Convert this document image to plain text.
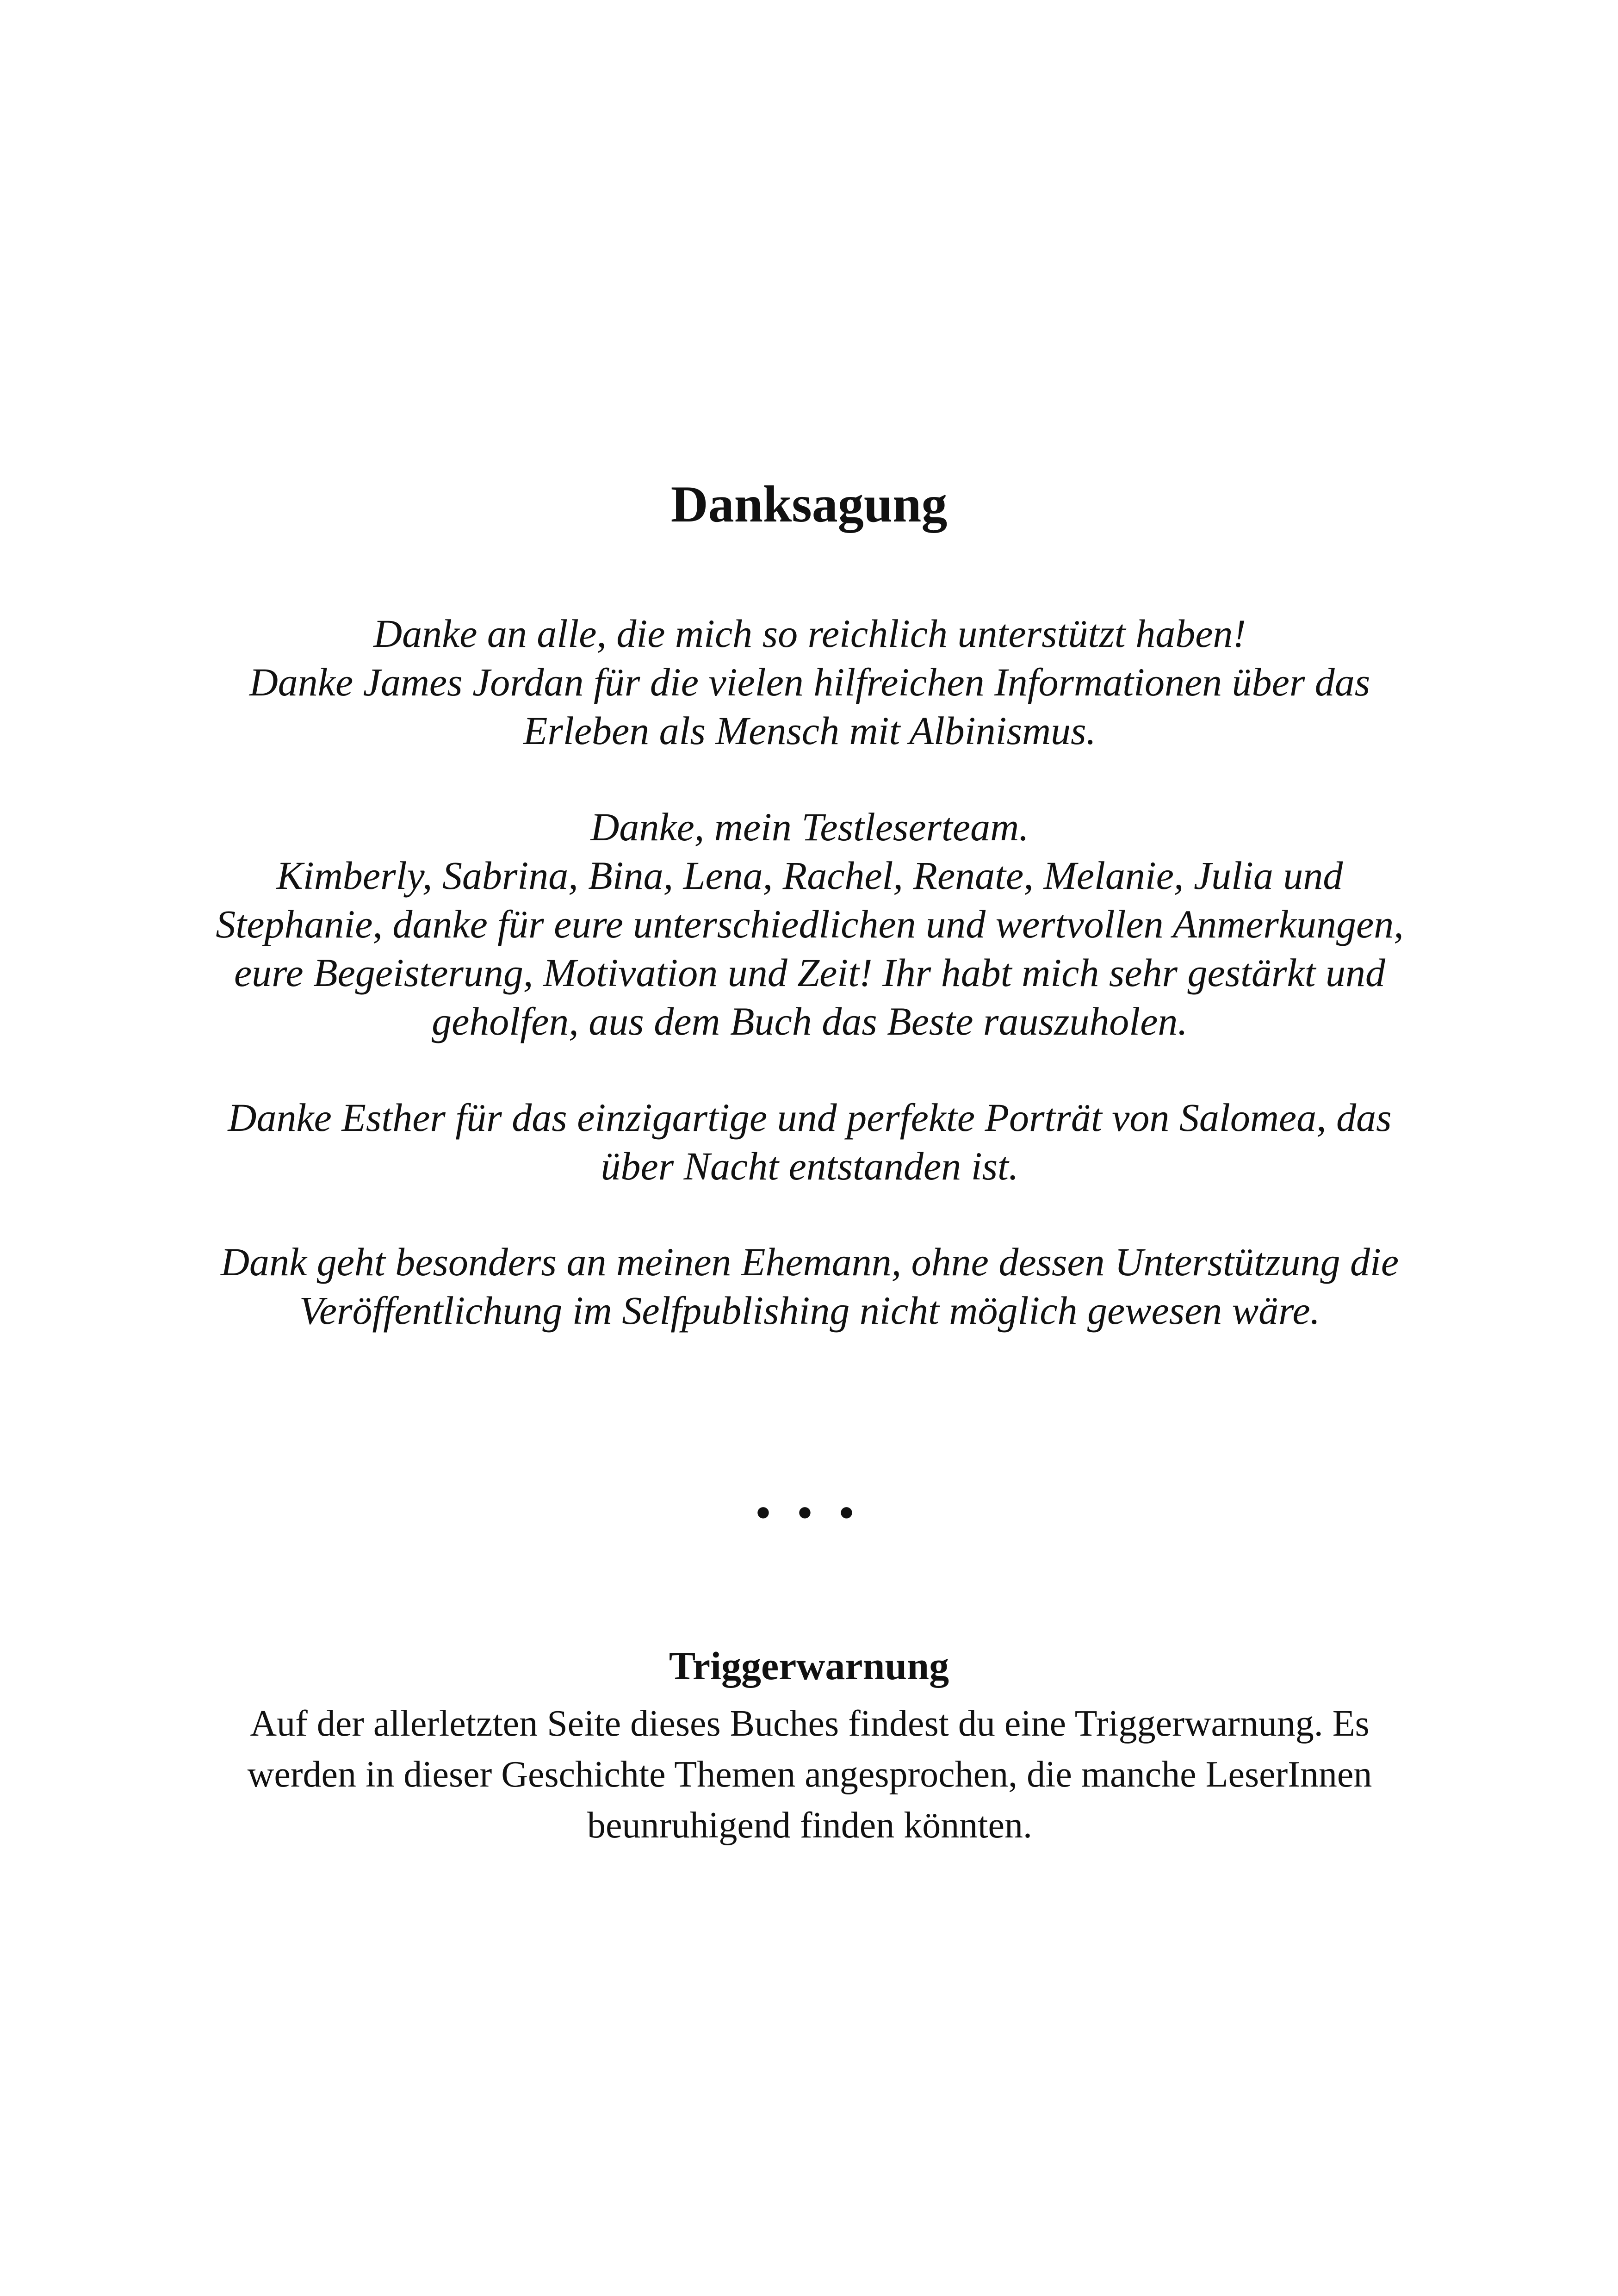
Danksagung
Danke an alle, die mich so reichlich unterstützt haben!
Danke James Jordan für die vielen hilfreichen Informationen über das
Erleben als Mensch mit Albinismus.
Danke, mein Testleserteam.
Kimberly, Sabrina, Bina, Lena, Rachel, Renate, Melanie, Julia und
Stephanie, danke für eure unterschiedlichen und wertvollen Anmerkungen,
eure Begeisterung, Motivation und Zeit! Ihr habt mich sehr gestärkt und
geholfen, aus dem Buch das Beste rauszuholen.
Danke Esther für das einzigartige und perfekte Porträt von Salomea, das
über Nacht entstanden ist.
Dank geht besonders an meinen Ehemann, ohne dessen Unterstützung die
Veröffentlichung im Selfpublishing nicht möglich gewesen wäre.
• • •
Triggerwarnung
Auf der allerletzten Seite dieses Buches findest du eine Triggerwarnung. Es
werden in dieser Geschichte Themen angesprochen, die manche LeserInnen
beunruhigend finden könnten.
